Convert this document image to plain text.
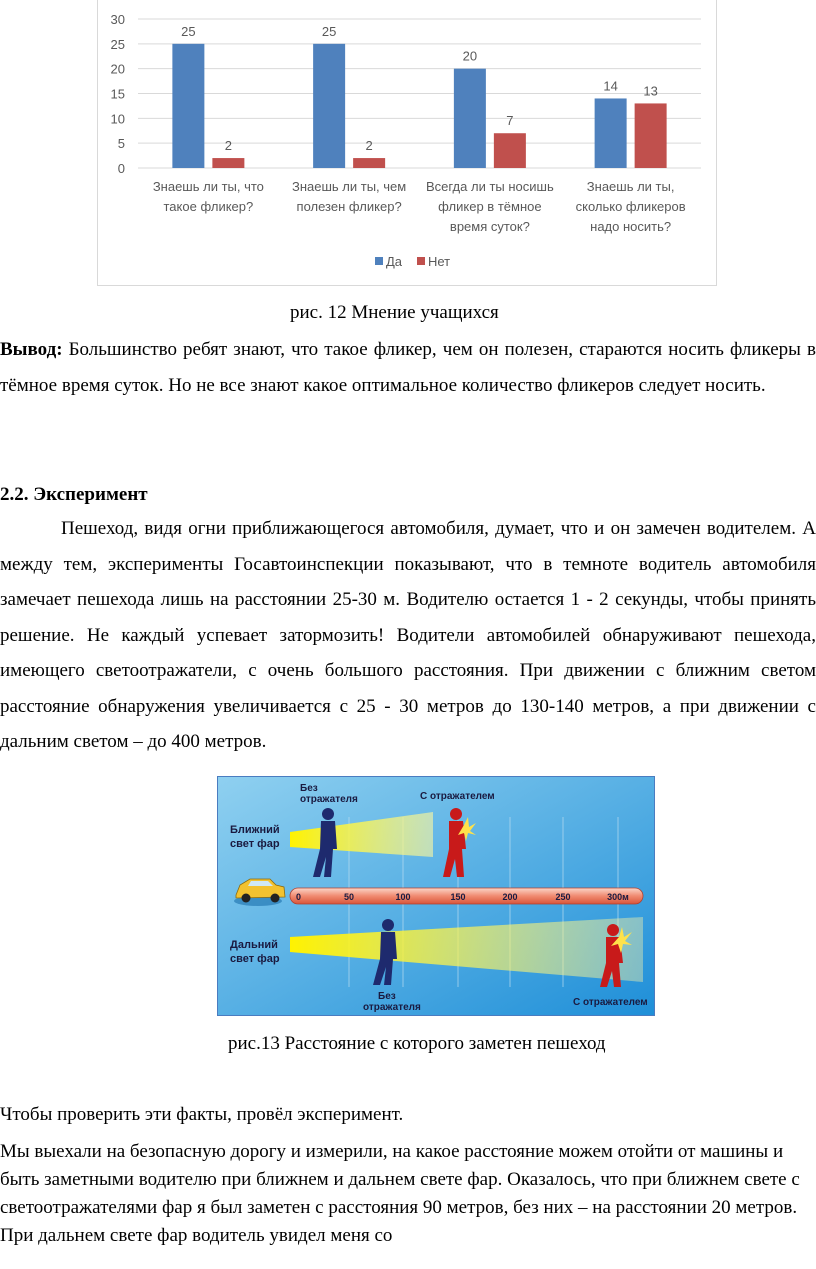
0
5
10
15
20
25
30
25
2
Знаешь ли ты, что
такое фликер?
25
2
Знаешь ли ты, чем
полезен фликер?
20
7
Всегда ли ты носишь
фликер в тёмное
время суток?
14 13
Знаешь ли ты,
сколько фликеров
надо носить?
Да Нет
рис. 12 Мнение учащихся
Вывод: Большинство ребят знают, что такое фликер, чем он полезен, стараются носить фликеры в тёмное время суток. Но не все знают какое оптимальное количество фликеров следует носить.
2.2. Эксперимент
Пешеход, видя огни приближающегося автомобиля, думает, что и он замечен водителем. А между тем, эксперименты Госавтоинспекции показывают, что в темноте водитель автомобиля замечает пешехода лишь на расстоянии 25-30 м. Водителю остается 1 - 2 секунды, чтобы принять решение. Не каждый успевает затормозить! Водители автомобилей обнаруживают пешехода, имеющего светоотражатели, с очень большого расстояния. При движении с ближним светом расстояние обнаружения увеличивается с 25 - 30 метров до 130-140 метров, а при движении с дальним светом – до 400 метров.
Без
отражателя	С отражателем
Ближний
свет фар
Дальний
свет фар
Без
отражателя	С отражателем
0	50	100	150	200	250	300м
рис.13 Расстояние с которого заметен пешеход
Чтобы проверить эти факты, провёл эксперимент.
Мы выехали на безопасную дорогу и измерили, на какое расстояние можем отойти от машины и быть заметными водителю при ближнем и дальнем свете фар. Оказалось, что при ближнем свете с светоотражателями фар я был заметен с расстояния 90 метров, без них – на расстоянии 20 метров. При дальнем свете фар водитель увидел меня со
